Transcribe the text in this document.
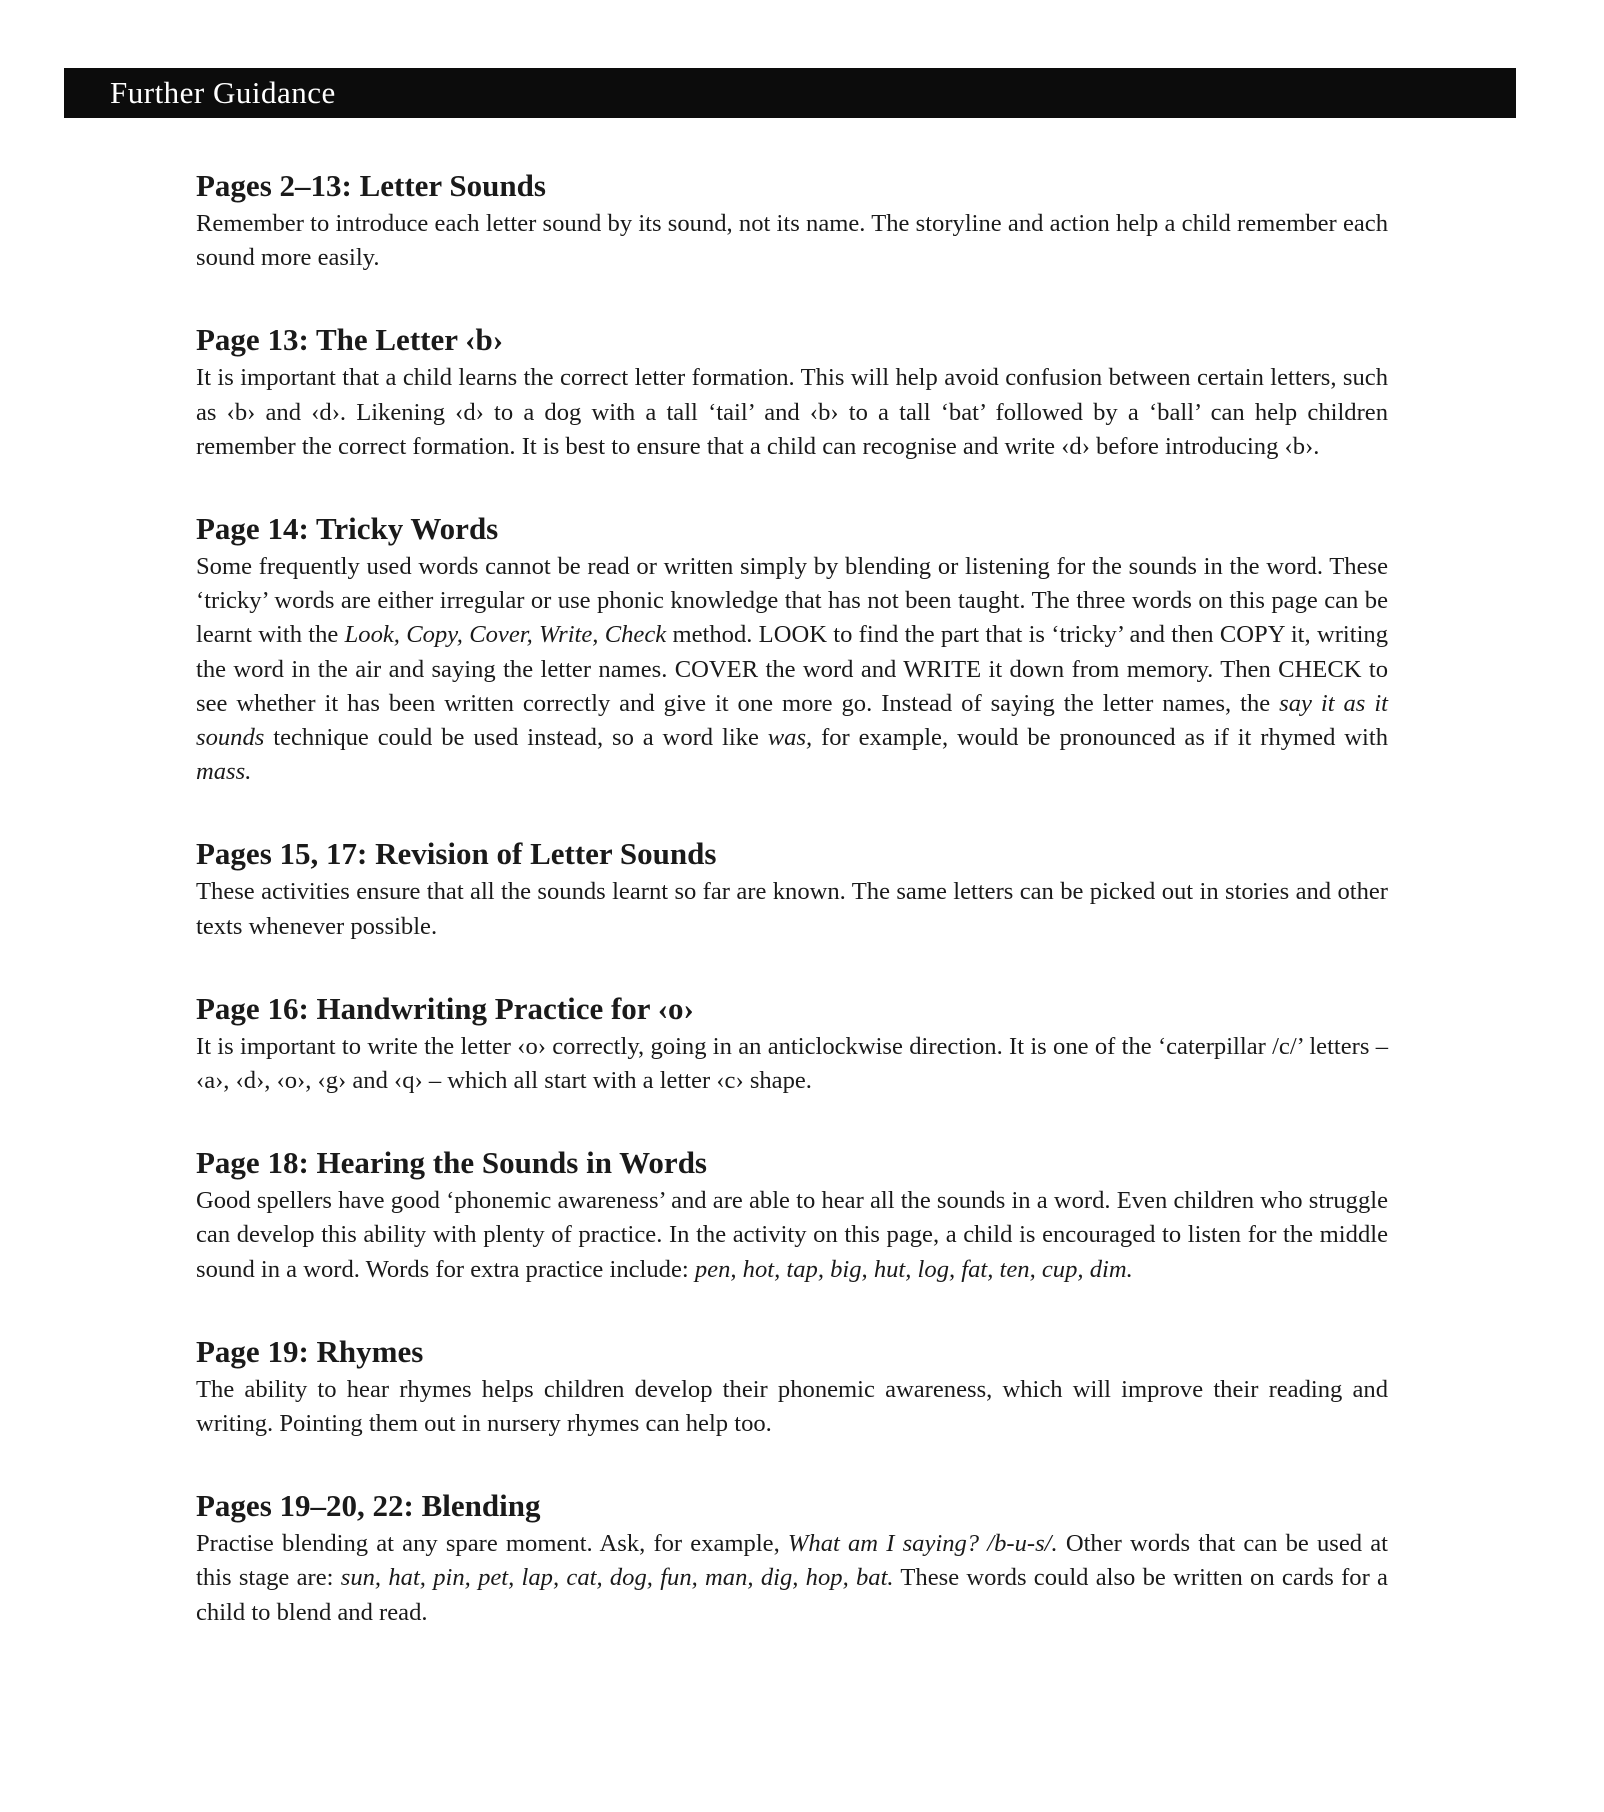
Further Guidance
Pages 2–13: Letter Sounds

Remember to introduce each letter sound by its sound, not its name. The storyline and action help a child remember each sound more easily.

Page 13: The Letter ‹b›

It is important that a child learns the correct letter formation. This will help avoid confusion between certain letters, such as ‹b› and ‹d›. Likening ‹d› to a dog with a tall ‘tail’ and ‹b› to a tall ‘bat’ followed by a ‘ball’ can help children remember the correct formation. It is best to ensure that a child can recognise and write ‹d› before introducing ‹b›.

Page 14: Tricky Words

Some frequently used words cannot be read or written simply by blending or listening for the sounds in the word. These ‘tricky’ words are either irregular or use phonic knowledge that has not been taught. The three words on this page can be learnt with the Look, Copy, Cover, Write, Check method. LOOK to find the part that is ‘tricky’ and then COPY it, writing the word in the air and saying the letter names. COVER the word and WRITE it down from memory. Then CHECK to see whether it has been written correctly and give it one more go. Instead of saying the letter names, the say it as it sounds technique could be used instead, so a word like was, for example, would be pronounced as if it rhymed with mass.

Pages 15, 17: Revision of Letter Sounds

These activities ensure that all the sounds learnt so far are known. The same letters can be picked out in stories and other texts whenever possible.

Page 16: Handwriting Practice for ‹o›

It is important to write the letter ‹o› correctly, going in an anticlockwise direction. It is one of the ‘caterpillar /c/’ letters – ‹a›, ‹d›, ‹o›, ‹g› and ‹q› – which all start with a letter ‹c› shape.

Page 18: Hearing the Sounds in Words

Good spellers have good ‘phonemic awareness’ and are able to hear all the sounds in a word. Even children who struggle can develop this ability with plenty of practice. In the activity on this page, a child is encouraged to listen for the middle sound in a word. Words for extra practice include: pen, hot, tap, big, hut, log, fat, ten, cup, dim.

Page 19: Rhymes

The ability to hear rhymes helps children develop their phonemic awareness, which will improve their reading and writing. Pointing them out in nursery rhymes can help too.

Pages 19–20, 22: Blending

Practise blending at any spare moment. Ask, for example, What am I saying? /b-u-s/. Other words that can be used at this stage are: sun, hat, pin, pet, lap, cat, dog, fun, man, dig, hop, bat. These words could also be written on cards for a child to blend and read.
